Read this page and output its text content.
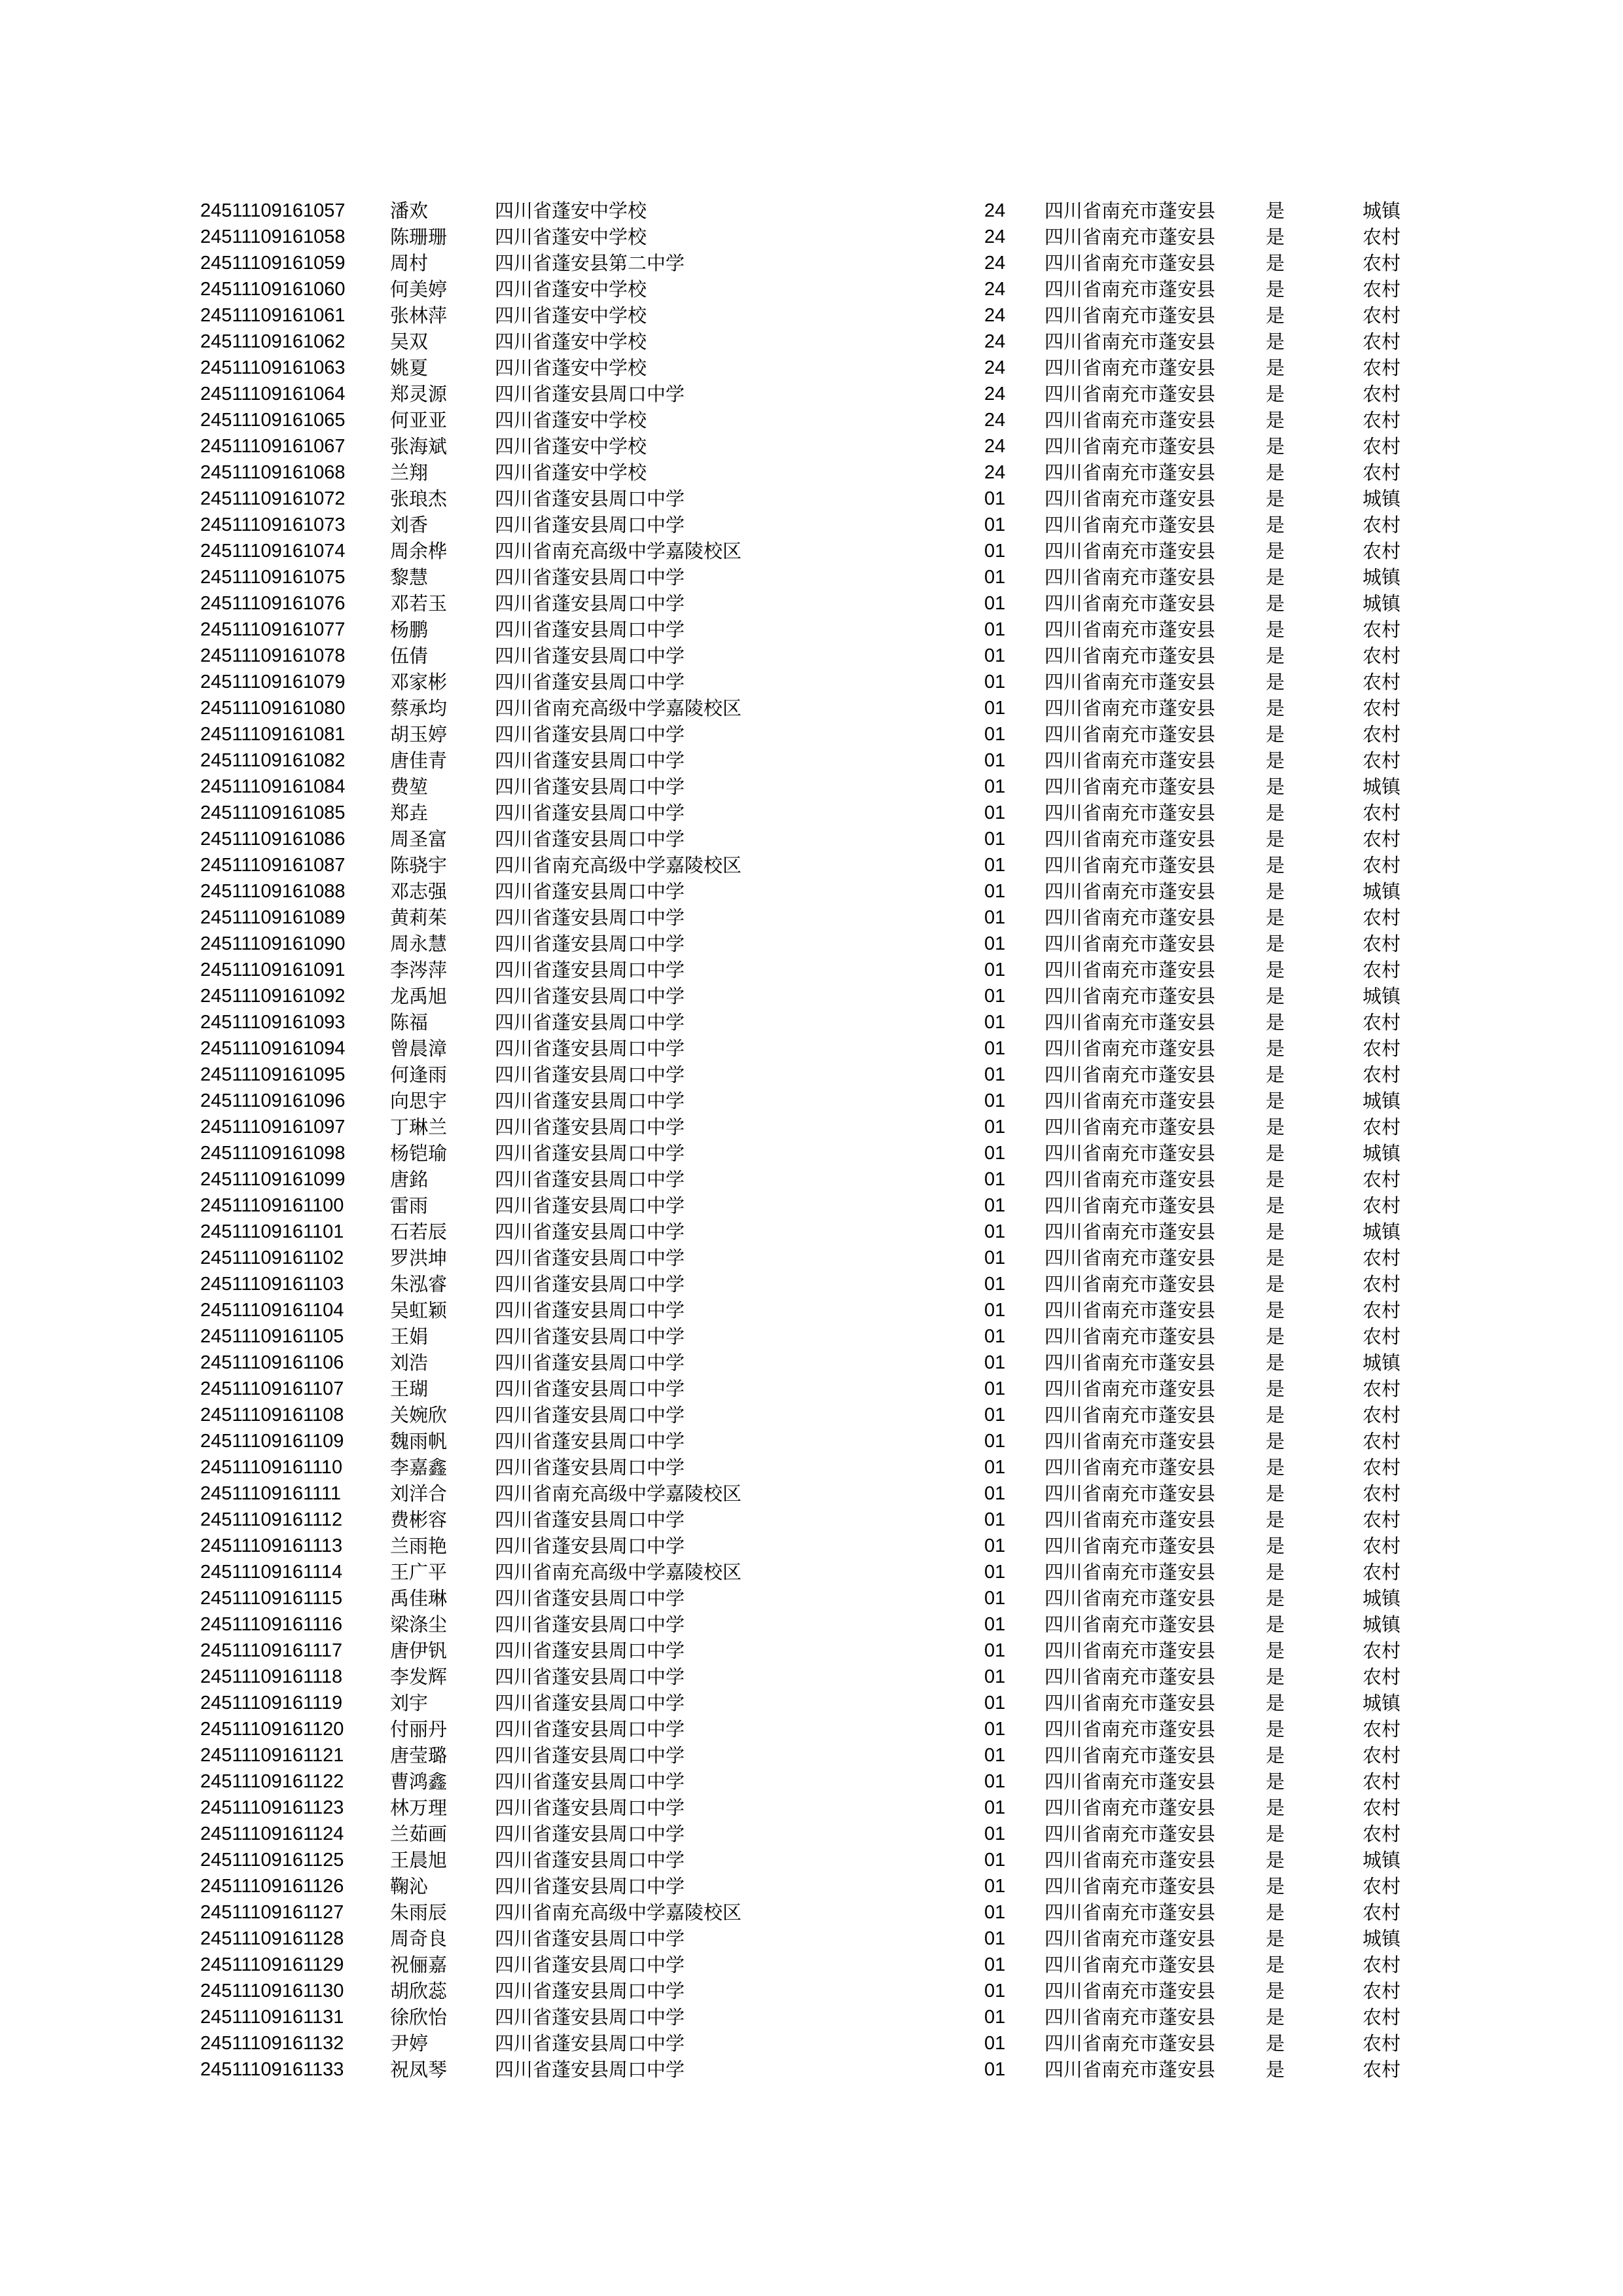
24511109161057 潘欢	四川省蓬安中学校	24 四川省南充市蓬安县	是	城镇
24511109161058 陈珊珊	四川省蓬安中学校	24 四川省南充市蓬安县	是	农村
24511109161059 周村	四川省蓬安县第二中学	24 四川省南充市蓬安县	是	农村
24511109161060 何美婷	四川省蓬安中学校	24 四川省南充市蓬安县	是	农村
24511109161061 张林萍	四川省蓬安中学校	24 四川省南充市蓬安县	是	农村
24511109161062 吴双	四川省蓬安中学校	24 四川省南充市蓬安县	是	农村
24511109161063 姚夏	四川省蓬安中学校	24 四川省南充市蓬安县	是	农村
24511109161064 郑灵源	四川省蓬安县周口中学	24 四川省南充市蓬安县	是	农村
24511109161065 何亚亚	四川省蓬安中学校	24 四川省南充市蓬安县	是	农村
24511109161067 张海斌	四川省蓬安中学校	24 四川省南充市蓬安县	是	农村
24511109161068 兰翔	四川省蓬安中学校	24 四川省南充市蓬安县	是	农村
24511109161072 张琅杰	四川省蓬安县周口中学	01 四川省南充市蓬安县	是	城镇
24511109161073 刘香	四川省蓬安县周口中学	01 四川省南充市蓬安县	是	农村
24511109161074 周余桦	四川省南充高级中学嘉陵校区	01 四川省南充市蓬安县	是	农村
24511109161075 黎慧	四川省蓬安县周口中学	01 四川省南充市蓬安县	是	城镇
24511109161076 邓若玉	四川省蓬安县周口中学	01 四川省南充市蓬安县	是	城镇
24511109161077 杨鹏	四川省蓬安县周口中学	01 四川省南充市蓬安县	是	农村
24511109161078 伍倩	四川省蓬安县周口中学	01 四川省南充市蓬安县	是	农村
24511109161079 邓家彬	四川省蓬安县周口中学	01 四川省南充市蓬安县	是	农村
24511109161080 蔡承均	四川省南充高级中学嘉陵校区	01 四川省南充市蓬安县	是	农村
24511109161081 胡玉婷	四川省蓬安县周口中学	01 四川省南充市蓬安县	是	农村
24511109161082 唐佳青	四川省蓬安县周口中学	01 四川省南充市蓬安县	是	农村
24511109161084 费堃	四川省蓬安县周口中学	01 四川省南充市蓬安县	是	城镇
24511109161085 郑垚	四川省蓬安县周口中学	01 四川省南充市蓬安县	是	农村
24511109161086 周圣富	四川省蓬安县周口中学	01 四川省南充市蓬安县	是	农村
24511109161087 陈骁宇	四川省南充高级中学嘉陵校区	01 四川省南充市蓬安县	是	农村
24511109161088 邓志强	四川省蓬安县周口中学	01 四川省南充市蓬安县	是	城镇
24511109161089 黄莉茱	四川省蓬安县周口中学	01 四川省南充市蓬安县	是	农村
24511109161090 周永慧	四川省蓬安县周口中学	01 四川省南充市蓬安县	是	农村
24511109161091 李涔萍	四川省蓬安县周口中学	01 四川省南充市蓬安县	是	农村
24511109161092 龙禹旭	四川省蓬安县周口中学	01 四川省南充市蓬安县	是	城镇
24511109161093 陈福	四川省蓬安县周口中学	01 四川省南充市蓬安县	是	农村
24511109161094 曾晨漳	四川省蓬安县周口中学	01 四川省南充市蓬安县	是	农村
24511109161095 何逢雨	四川省蓬安县周口中学	01 四川省南充市蓬安县	是	农村
24511109161096 向思宇	四川省蓬安县周口中学	01 四川省南充市蓬安县	是	城镇
24511109161097 丁琳兰	四川省蓬安县周口中学	01 四川省南充市蓬安县	是	农村
24511109161098 杨铠瑜	四川省蓬安县周口中学	01 四川省南充市蓬安县	是	城镇
24511109161099 唐銘	四川省蓬安县周口中学	01 四川省南充市蓬安县	是	农村
24511109161100 雷雨	四川省蓬安县周口中学	01 四川省南充市蓬安县	是	农村
24511109161101 石若辰	四川省蓬安县周口中学	01 四川省南充市蓬安县	是	城镇
24511109161102 罗洪坤	四川省蓬安县周口中学	01 四川省南充市蓬安县	是	农村
24511109161103 朱泓睿	四川省蓬安县周口中学	01 四川省南充市蓬安县	是	农村
24511109161104 吴虹颖	四川省蓬安县周口中学	01 四川省南充市蓬安县	是	农村
24511109161105 王娟	四川省蓬安县周口中学	01 四川省南充市蓬安县	是	农村
24511109161106 刘浩	四川省蓬安县周口中学	01 四川省南充市蓬安县	是	城镇
24511109161107 王瑚	四川省蓬安县周口中学	01 四川省南充市蓬安县	是	农村
24511109161108 关婉欣	四川省蓬安县周口中学	01 四川省南充市蓬安县	是	农村
24511109161109 魏雨帆	四川省蓬安县周口中学	01 四川省南充市蓬安县	是	农村
24511109161110	李嘉鑫	四川省蓬安县周口中学	01 四川省南充市蓬安县	是	农村
24511109161111	刘洋合	四川省南充高级中学嘉陵校区	01 四川省南充市蓬安县	是	农村
24511109161112	费彬容	四川省蓬安县周口中学	01 四川省南充市蓬安县	是	农村
24511109161113	兰雨艳	四川省蓬安县周口中学	01 四川省南充市蓬安县	是	农村
24511109161114	王广平	四川省南充高级中学嘉陵校区	01 四川省南充市蓬安县	是	农村
24511109161115	禹佳琳	四川省蓬安县周口中学	01 四川省南充市蓬安县	是	城镇
24511109161116	梁涤尘	四川省蓬安县周口中学	01 四川省南充市蓬安县	是	城镇
24511109161117	唐伊钒	四川省蓬安县周口中学	01 四川省南充市蓬安县	是	农村
24511109161118	李发辉	四川省蓬安县周口中学	01 四川省南充市蓬安县	是	农村
24511109161119	刘宇	四川省蓬安县周口中学	01 四川省南充市蓬安县	是	城镇
24511109161120 付丽丹	四川省蓬安县周口中学	01 四川省南充市蓬安县	是	农村
24511109161121 唐莹璐	四川省蓬安县周口中学	01 四川省南充市蓬安县	是	农村
24511109161122 曹鸿鑫	四川省蓬安县周口中学	01 四川省南充市蓬安县	是	农村
24511109161123 林万理	四川省蓬安县周口中学	01 四川省南充市蓬安县	是	农村
24511109161124 兰茹画	四川省蓬安县周口中学	01 四川省南充市蓬安县	是	农村
24511109161125 王晨旭	四川省蓬安县周口中学	01 四川省南充市蓬安县	是	城镇
24511109161126 鞠沁	四川省蓬安县周口中学	01 四川省南充市蓬安县	是	农村
24511109161127 朱雨辰	四川省南充高级中学嘉陵校区	01 四川省南充市蓬安县	是	农村
24511109161128 周奇良	四川省蓬安县周口中学	01 四川省南充市蓬安县	是	城镇
24511109161129 祝俪嘉	四川省蓬安县周口中学	01 四川省南充市蓬安县	是	农村
24511109161130 胡欣蕊	四川省蓬安县周口中学	01 四川省南充市蓬安县	是	农村
24511109161131 徐欣怡	四川省蓬安县周口中学	01 四川省南充市蓬安县	是	农村
24511109161132 尹婷	四川省蓬安县周口中学	01 四川省南充市蓬安县	是	农村
24511109161133 祝凤琴	四川省蓬安县周口中学	01 四川省南充市蓬安县	是	农村
